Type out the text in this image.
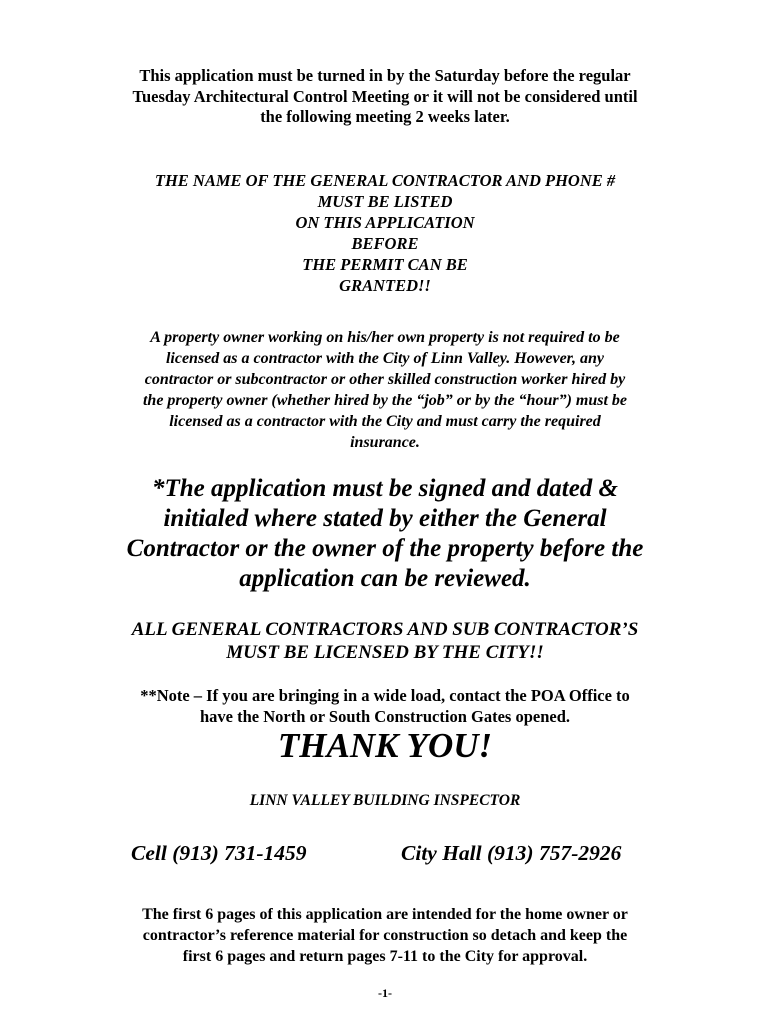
This application must be turned in by the Saturday before the regular
Tuesday Architectural Control Meeting or it will not be considered until
the following meeting 2 weeks later.

THE NAME OF THE GENERAL CONTRACTOR AND PHONE #
MUST BE LISTED
ON THIS APPLICATION
BEFORE
THE PERMIT CAN BE
GRANTED!!

A property owner working on his/her own property is not required to be
licensed as a contractor with the City of Linn Valley. However, any
contractor or subcontractor or other skilled construction worker hired by
the property owner (whether hired by the “job” or by the “hour”) must be
licensed as a contractor with the City and must carry the required
insurance.

*The application must be signed and dated &
initialed where stated by either the General
Contractor or the owner of the property before the
application can be reviewed.

ALL GENERAL CONTRACTORS AND SUB CONTRACTOR’S
MUST BE LICENSED BY THE CITY!!

**Note – If you are bringing in a wide load, contact the POA Office to
have the North or South Construction Gates opened.

THANK YOU!

LINN VALLEY BUILDING INSPECTOR

Cell (913) 731-1459	City Hall (913) 757-2926

The first 6 pages of this application are intended for the home owner or
contractor’s reference material for construction so detach and keep the
first 6 pages and return pages 7-11 to the City for approval.

-1-
